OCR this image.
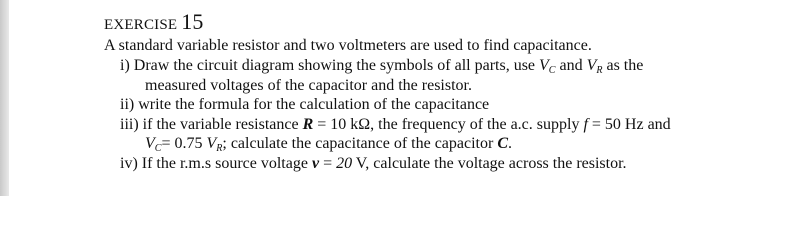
EXERCISE 15
A standard variable resistor and two voltmeters are used to find capacitance.
i) Draw the circuit diagram showing the symbols of all parts, use $V_C$ and $V_R$ as the
measured voltages of the capacitor and the resistor.
ii) write the formula for the calculation of the capacitance
iii) if the variable resistance R = 10 kΩ, the frequency of the a.c. supply f = 50 Hz and
$V_C= 0.75$ $V_R$; calculate the capacitance of the capacitor C.
iv) If the r.m.s source voltage v = 20 V, calculate the voltage across the resistor.
